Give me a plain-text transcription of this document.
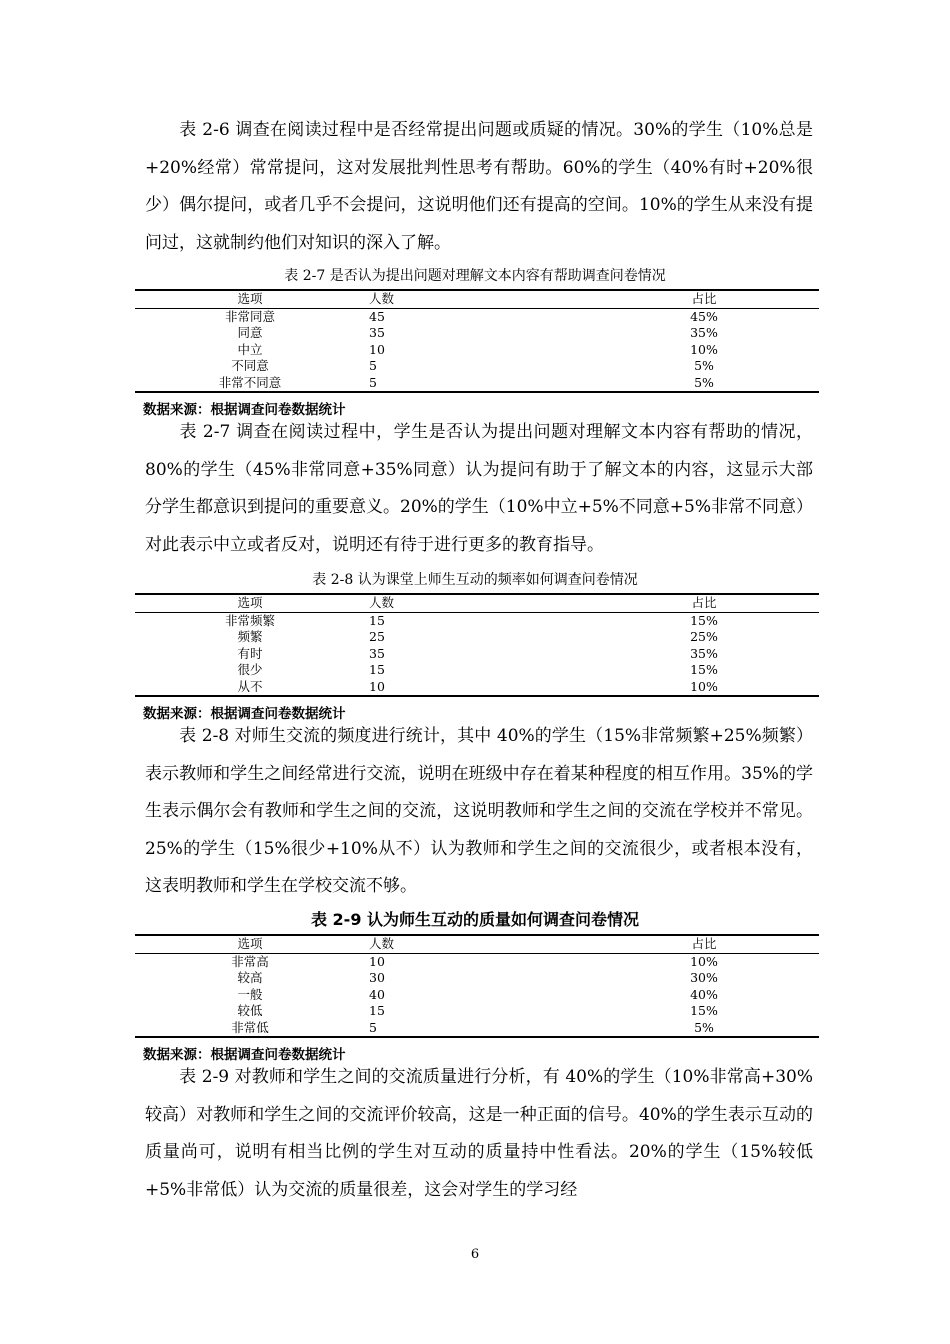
表 2-6 调查在阅读过程中是否经常提出问题或质疑的情况。30%的学生（10%总是+20%经常）常常提问，这对发展批判性思考有帮助。60%的学生（40%有时+20%很少）偶尔提问，或者几乎不会提问，这说明他们还有提高的空间。10%的学生从来没有提问过，这就制约他们对知识的深入了解。

表 2-7 是否认为提出问题对理解文本内容有帮助调查问卷情况

选项	人数	占比
非常同意	45	45%
同意	35	35%
中立	10	10%
不同意	5	5%
非常不同意	5	5%

数据来源：根据调查问卷数据统计

表 2-7 调查在阅读过程中，学生是否认为提出问题对理解文本内容有帮助的情况，80%的学生（45%非常同意+35%同意）认为提问有助于了解文本的内容，这显示大部分学生都意识到提问的重要意义。20%的学生（10%中立+5%不同意+5%非常不同意）对此表示中立或者反对，说明还有待于进行更多的教育指导。

表 2-8 认为课堂上师生互动的频率如何调查问卷情况

选项	人数	占比
非常频繁	15	15%
频繁	25	25%
有时	35	35%
很少	15	15%
从不	10	10%

数据来源：根据调查问卷数据统计

表 2-8 对师生交流的频度进行统计，其中 40%的学生（15%非常频繁+25%频繁）表示教师和学生之间经常进行交流，说明在班级中存在着某种程度的相互作用。35%的学生表示偶尔会有教师和学生之间的交流，这说明教师和学生之间的交流在学校并不常见。25%的学生（15%很少+10%从不）认为教师和学生之间的交流很少，或者根本没有，这表明教师和学生在学校交流不够。

表 2-9 认为师生互动的质量如何调查问卷情况

选项	人数	占比
非常高	10	10%
较高	30	30%
一般	40	40%
较低	15	15%
非常低	5	5%

数据来源：根据调查问卷数据统计

表 2-9 对教师和学生之间的交流质量进行分析，有 40%的学生（10%非常高+30%较高）对教师和学生之间的交流评价较高，这是一种正面的信号。40%的学生表示互动的质量尚可，说明有相当比例的学生对互动的质量持中性看法。20%的学生（15%较低+5%非常低）认为交流的质量很差，这会对学生的学习经

6
